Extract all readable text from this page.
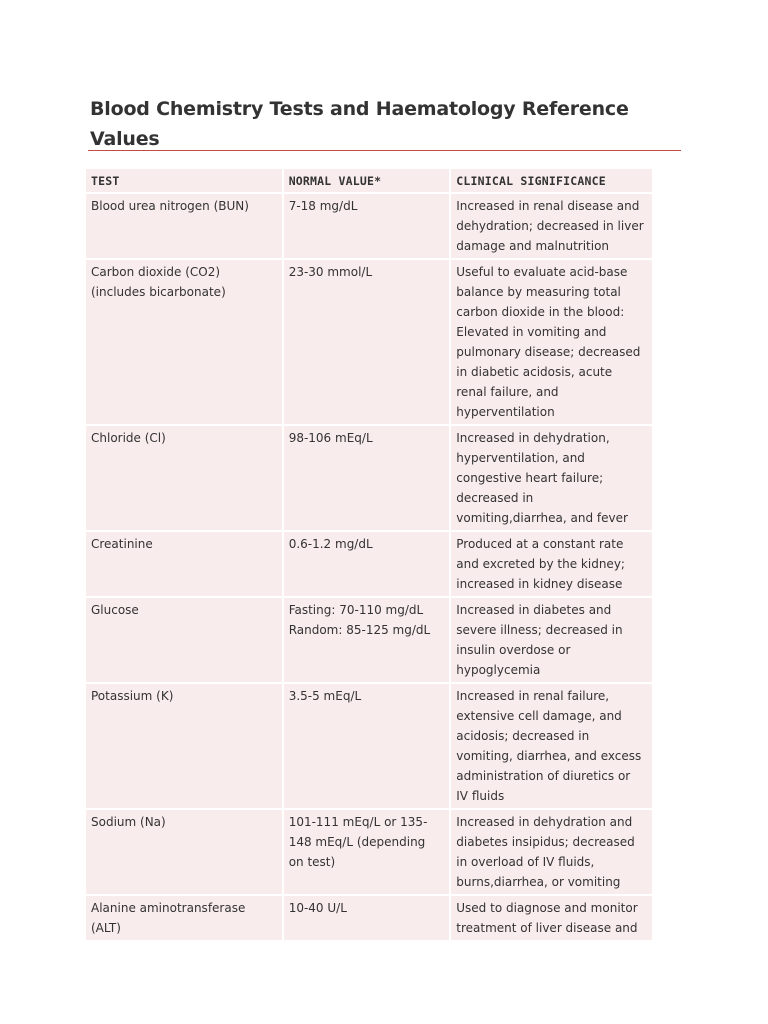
Blood Chemistry Tests and Haematology Reference Values
TEST	NORMAL VALUE*	CLINICAL SIGNIFICANCE
Blood urea nitrogen (BUN)	7-18 mg/dL	Increased in renal disease and dehydration; decreased in liver damage and malnutrition
Carbon dioxide (CO2) (includes bicarbonate)	23-30 mmol/L	Useful to evaluate acid-base balance by measuring total carbon dioxide in the blood: Elevated in vomiting and pulmonary disease; decreased in diabetic acidosis, acute renal failure, and hyperventilation
Chloride (Cl)	98-106 mEq/L	Increased in dehydration, hyperventilation, and congestive heart failure; decreased in vomiting,diarrhea, and fever
Creatinine	0.6-1.2 mg/dL	Produced at a constant rate and excreted by the kidney; increased in kidney disease
Glucose	Fasting: 70-110 mg/dL Random: 85-125 mg/dL	Increased in diabetes and severe illness; decreased in insulin overdose or hypoglycemia
Potassium (K)	3.5-5 mEq/L	Increased in renal failure, extensive cell damage, and acidosis; decreased in vomiting, diarrhea, and excess administration of diuretics or IV fluids
Sodium (Na)	101-111 mEq/L or 135-148 mEq/L (depending on test)	Increased in dehydration and diabetes insipidus; decreased in overload of IV fluids, burns,diarrhea, or vomiting
Alanine aminotransferase (ALT)	10-40 U/L	Used to diagnose and monitor treatment of liver disease and
